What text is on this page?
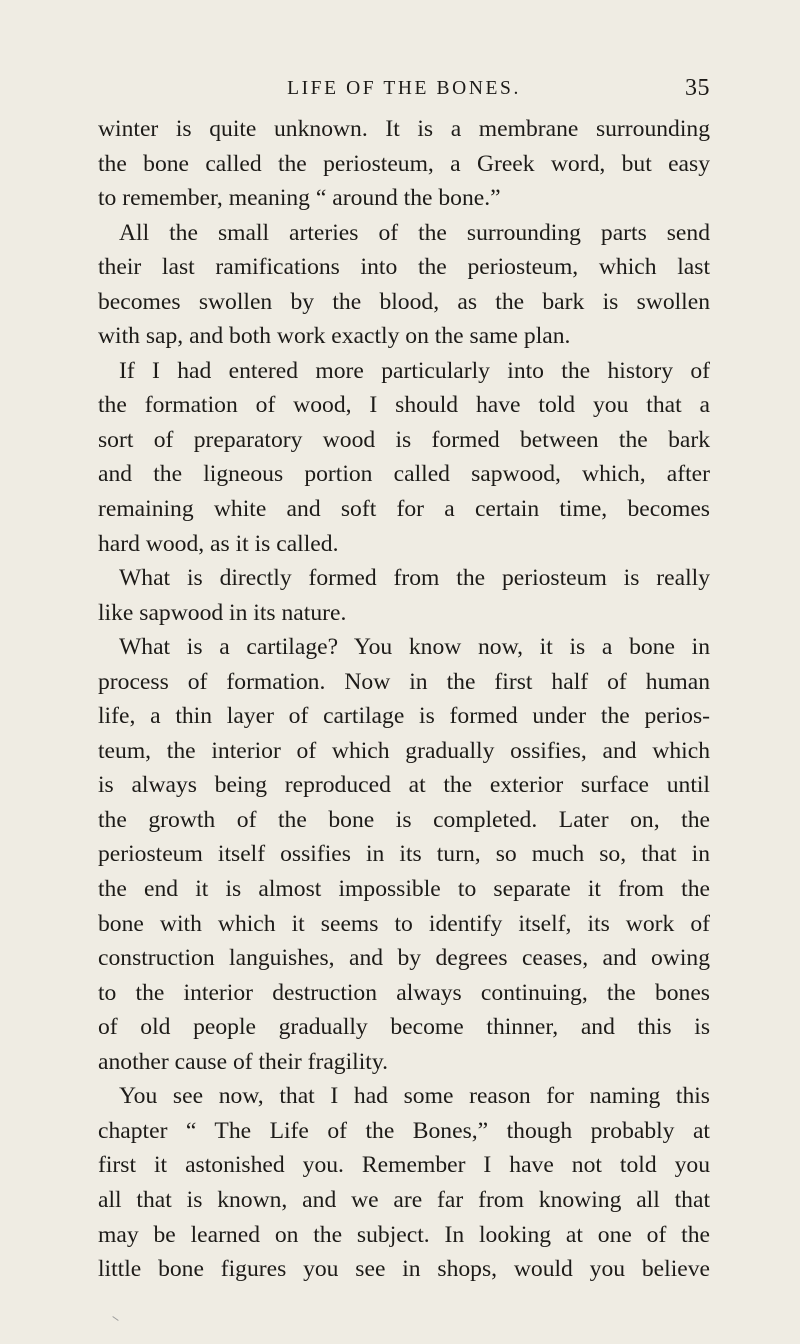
LIFE OF THE BONES.	35
winter is quite unknown. It is a membrane surrounding
the bone called the periosteum, a Greek word, but easy
to remember, meaning “ around the bone.”
All the small arteries of the surrounding parts send
their last ramifications into the periosteum, which last
becomes swollen by the blood, as the bark is swollen
with sap, and both work exactly on the same plan.
If I had entered more particularly into the history of
the formation of wood, I should have told you that a
sort of preparatory wood is formed between the bark
and the ligneous portion called sapwood, which, after
remaining white and soft for a certain time, becomes
hard wood, as it is called.
What is directly formed from the periosteum is really
like sapwood in its nature.
What is a cartilage? You know now, it is a bone in
process of formation. Now in the first half of human
life, a thin layer of cartilage is formed under the perios-
teum, the interior of which gradually ossifies, and which
is always being reproduced at the exterior surface until
the growth of the bone is completed. Later on, the
periosteum itself ossifies in its turn, so much so, that in
the end it is almost impossible to separate it from the
bone with which it seems to identify itself, its work of
construction languishes, and by degrees ceases, and owing
to the interior destruction always continuing, the bones
of old people gradually become thinner, and this is
another cause of their fragility.
You see now, that I had some reason for naming this
chapter “ The Life of the Bones,” though probably at
first it astonished you. Remember I have not told you
all that is known, and we are far from knowing all that
may be learned on the subject. In looking at one of the
little bone figures you see in shops, would you believe
